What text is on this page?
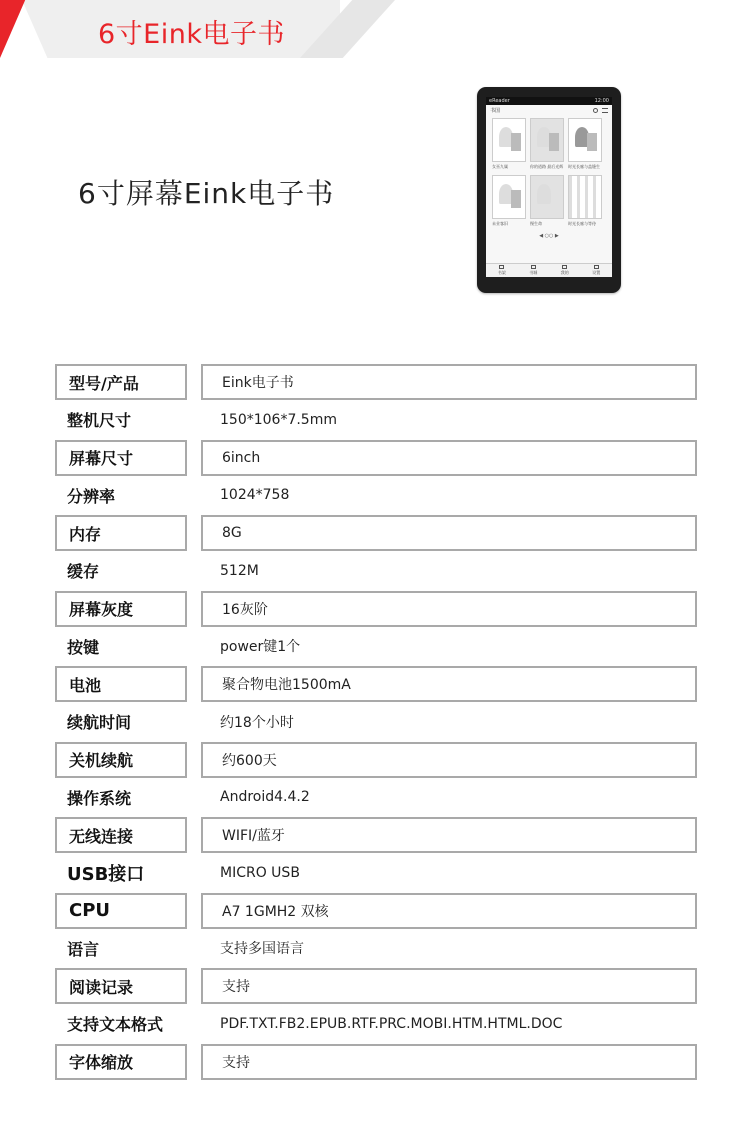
6寸Eink电子书
6寸屏幕Eink电子书
eReader	12:00
书国
女巫九属	你的道路 最后光辉 时光长廊与盖缝生
未业客旧	慢生命	时光长廊与等待
◀ ○○ ▶
书架	书城	我的	设置
型号/产品	Eink电子书
整机尺寸	150*106*7.5mm
屏幕尺寸	6inch
分辨率	1024*758
内存	8G
缓存	512M
屏幕灰度	16灰阶
按键	power键1个
电池	聚合物电池1500mA
续航时间	约18个小时
关机续航	约600天
操作系统	Android4.4.2
无线连接	WIFI/蓝牙
USB接口	MICRO USB
CPU	A7 1GMH2 双核
语言	支持多国语言
阅读记录	支持
支持文本格式	PDF.TXT.FB2.EPUB.RTF.PRC.MOBI.HTM.HTML.DOC
字体缩放	支持
